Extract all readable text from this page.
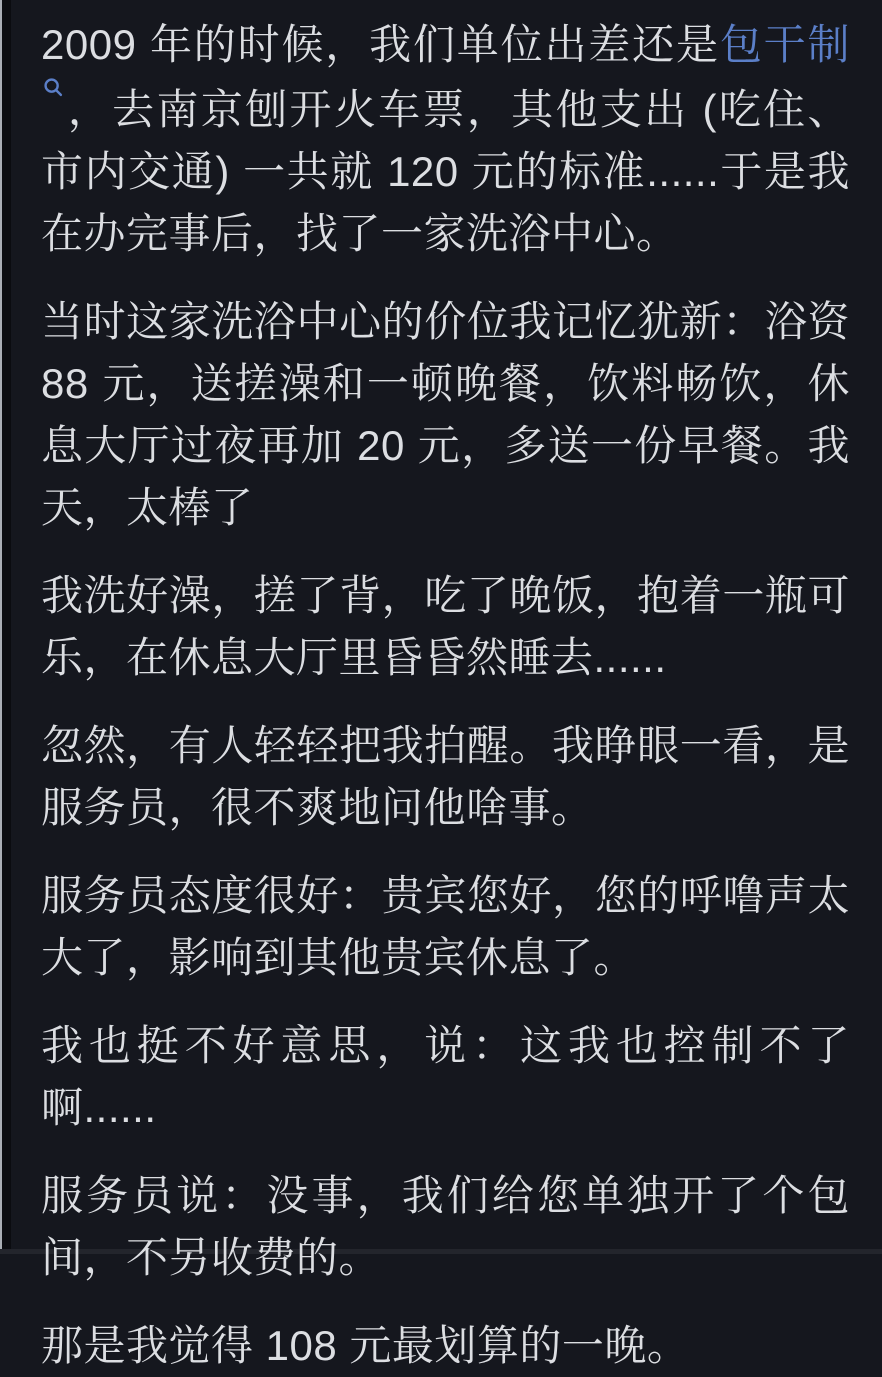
2009 年的时候，我们单位出差还是包干制
，去南京刨开火车票，其他支出 (吃住、市内交通) 一共就 120 元的标准......于是我在办完事后，找了一家洗浴中心。

当时这家洗浴中心的价位我记忆犹新：浴资 88 元，送搓澡和一顿晚餐，饮料畅饮，休息大厅过夜再加 20 元，多送一份早餐。我天，太棒了

我洗好澡，搓了背，吃了晚饭，抱着一瓶可乐，在休息大厅里昏昏然睡去......

忽然，有人轻轻把我拍醒。我睁眼一看，是服务员，很不爽地问他啥事。

服务员态度很好：贵宾您好，您的呼噜声太大了，影响到其他贵宾休息了。

我也挺不好意思，说：这我也控制不了啊......

服务员说：没事，我们给您单独开了个包间，不另收费的。

那是我觉得 108 元最划算的一晚。
